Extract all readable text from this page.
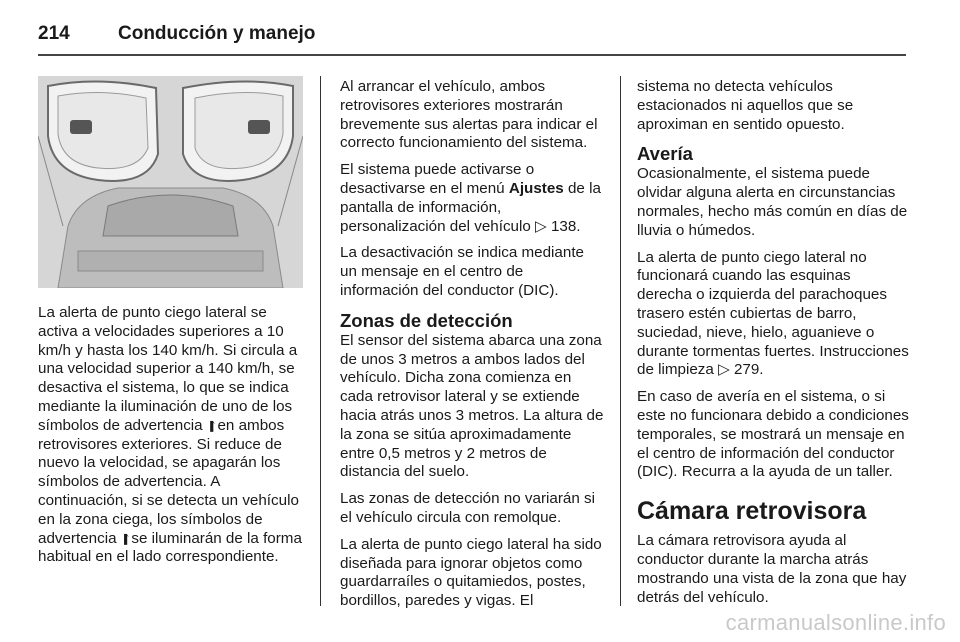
214	Conducción y manejo

La alerta de punto ciego lateral se activa a velocidades superiores a 10 km/h y hasta los 140 km/h. Si circula a una velocidad superior a 140 km/h, se desactiva el sistema, lo que se indica mediante la iluminación de uno de los símbolos de advertencia ▐̂ en ambos retrovisores exteriores. Si reduce de nuevo la velocidad, se apagarán los símbolos de advertencia. A continuación, si se detecta un vehículo en la zona ciega, los símbolos de advertencia ▐̂ se iluminarán de la forma habitual en el lado correspondiente.

Al arrancar el vehículo, ambos retrovisores exteriores mostrarán brevemente sus alertas para indicar el correcto funcionamiento del sistema.

El sistema puede activarse o desactivarse en el menú Ajustes de la pantalla de información, personalización del vehículo ▷ 138.

La desactivación se indica mediante un mensaje en el centro de información del conductor (DIC).

Zonas de detección

El sensor del sistema abarca una zona de unos 3 metros a ambos lados del vehículo. Dicha zona comienza en cada retrovisor lateral y se extiende hacia atrás unos 3 metros. La altura de la zona se sitúa aproximadamente entre 0,5 metros y 2 metros de distancia del suelo.

Las zonas de detección no variarán si el vehículo circula con remolque.

La alerta de punto ciego lateral ha sido diseñada para ignorar objetos como guardarraíles o quitamiedos, postes, bordillos, paredes y vigas. El

sistema no detecta vehículos estacionados ni aquellos que se aproximan en sentido opuesto.

Avería

Ocasionalmente, el sistema puede olvidar alguna alerta en circunstancias normales, hecho más común en días de lluvia o húmedos.

La alerta de punto ciego lateral no funcionará cuando las esquinas derecha o izquierda del parachoques trasero estén cubiertas de barro, suciedad, nieve, hielo, aguanieve o durante tormentas fuertes. Instrucciones de limpieza ▷ 279.

En caso de avería en el sistema, o si este no funcionara debido a condiciones temporales, se mostrará un mensaje en el centro de información del conductor (DIC). Recurra a la ayuda de un taller.

Cámara retrovisora

La cámara retrovisora ayuda al conductor durante la marcha atrás mostrando una vista de la zona que hay detrás del vehículo.

carmanualsonline.info
